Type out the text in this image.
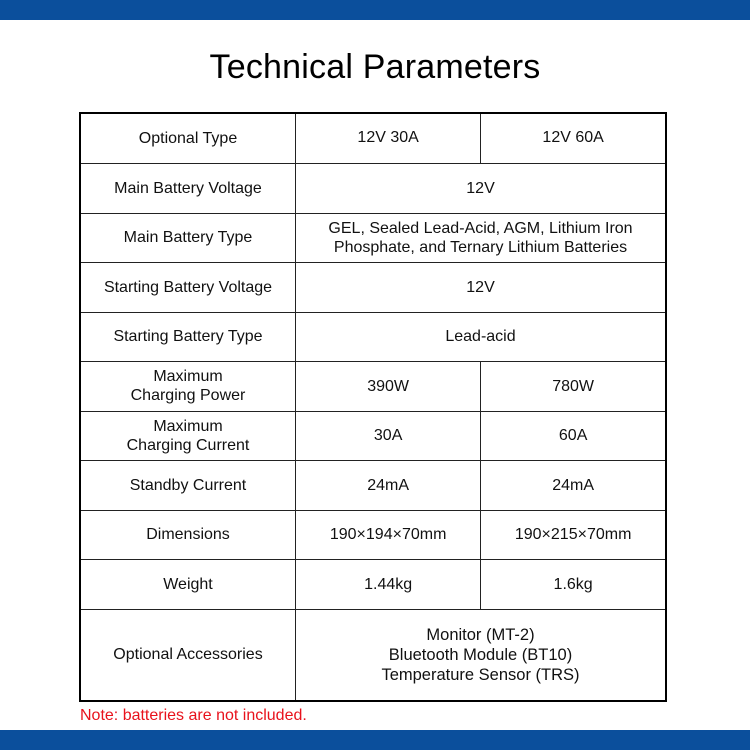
Technical Parameters
Optional Type	12V 30A	12V 60A
Main Battery Voltage	12V	
Main Battery Type	GEL, Sealed Lead-Acid, AGM, Lithium Iron Phosphate, and Ternary Lithium Batteries	
Starting Battery Voltage	12V	
Starting Battery Type	Lead-acid	

Maximum
Charging Power	390W	780W

Maximum
Charging Current	30A	60A
Standby Current	24mA	24mA
Dimensions	190×194×70mm	190×215×70mm
Weight	1.44kg	1.6kg
Optional Accessories	Monitor (MT-2)
Bluetooth Module (BT10)
Temperature Sensor (TRS)	
Note: batteries are not included.
